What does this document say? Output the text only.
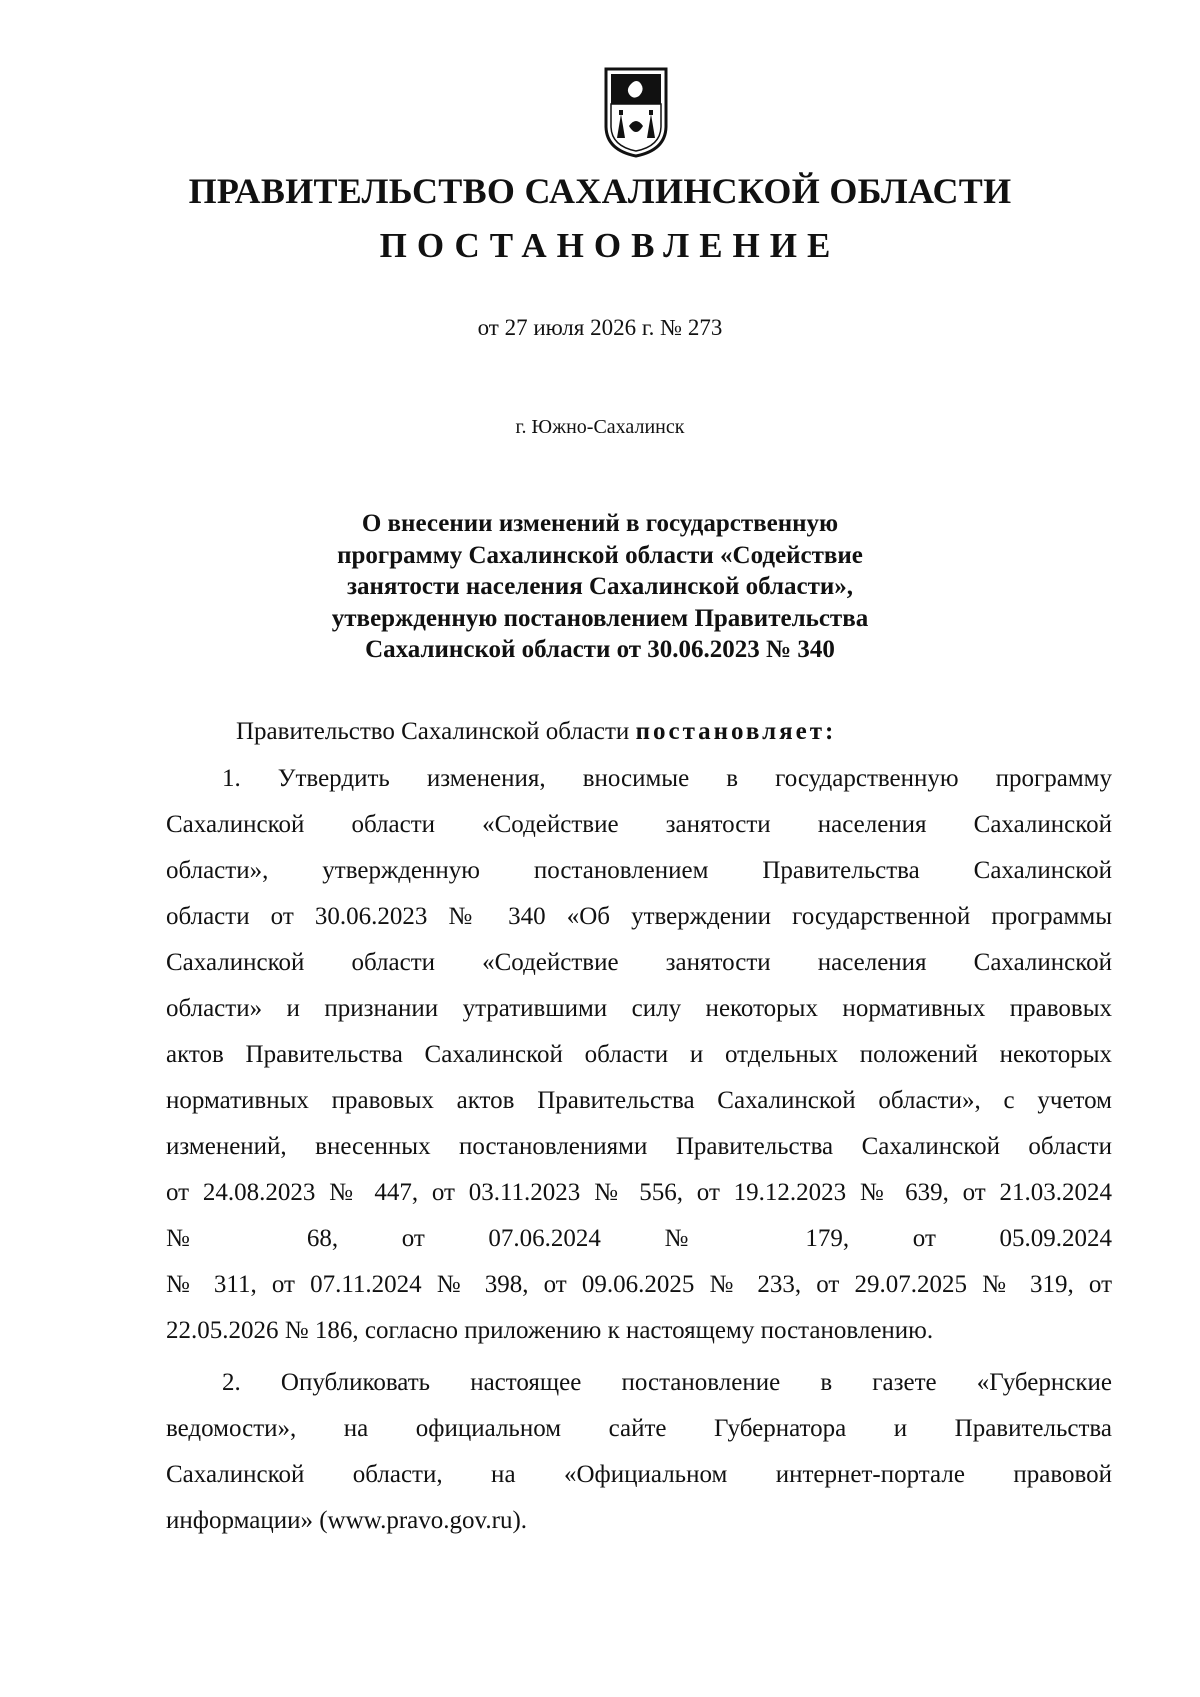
ПРАВИТЕЛЬСТВО САХАЛИНСКОЙ ОБЛАСТИ
ПОСТАНОВЛЕНИЕ

от 27 июля 2026 г. № 273

г. Южно-Сахалинск

О внесении изменений в государственную
программу Сахалинской области «Содействие
занятости населения Сахалинской области»,
утвержденную постановлением Правительства
Сахалинской области от 30.06.2023 № 340

Правительство Сахалинской области постановляет:

1. Утвердить изменения, вносимые в государственную программу

Сахалинской области «Содействие занятости населения Сахалинской

области», утвержденную постановлением Правительства Сахалинской

области от 30.06.2023 № 340 «Об утверждении государственной программы

Сахалинской области «Содействие занятости населения Сахалинской

области» и признании утратившими силу некоторых нормативных правовых

актов Правительства Сахалинской области и отдельных положений некоторых

нормативных правовых актов Правительства Сахалинской области», с учетом

изменений, внесенных постановлениями Правительства Сахалинской области

от 24.08.2023 № 447, от 03.11.2023 № 556, от 19.12.2023 № 639, от 21.03.2024

№ 68, от 07.06.2024 № 179, от 05.09.2024

№ 311, от 07.11.2024 № 398, от 09.06.2025 № 233, от 29.07.2025 № 319, от

22.05.2026 № 186, согласно приложению к настоящему постановлению.

2. Опубликовать настоящее постановление в газете «Губернские

ведомости», на официальном сайте Губернатора и Правительства

Сахалинской области, на «Официальном интернет-портале правовой

информации» (www.pravo.gov.ru).
